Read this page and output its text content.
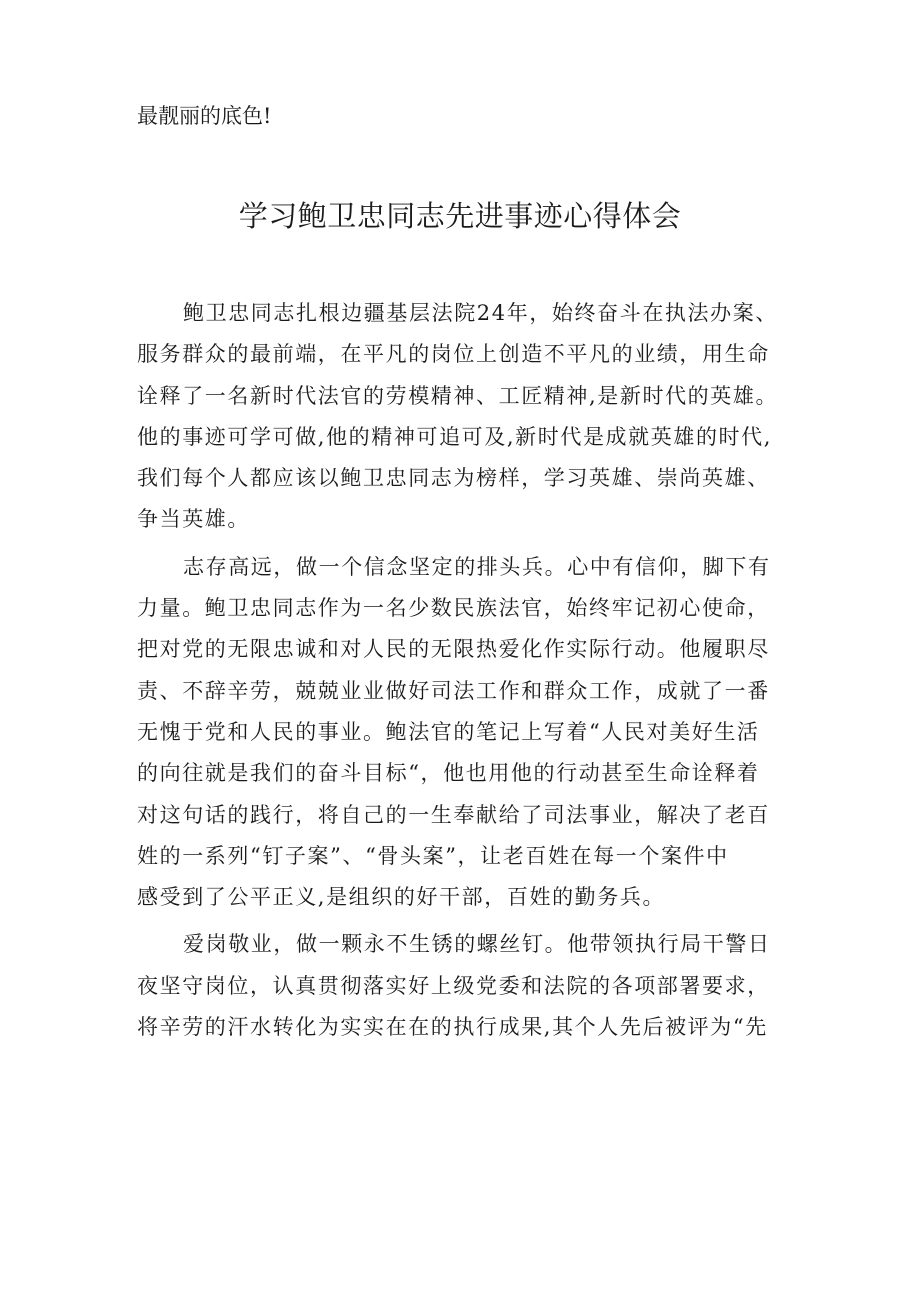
最靓丽的底色!
学习鲍卫忠同志先进事迹心得体会
鲍卫忠同志扎根边疆基层法院24年，始终奋斗在执法办案、
服务群众的最前端，在平凡的岗位上创造不平凡的业绩，用生命
诠释了一名新时代法官的劳模精神、工匠精神,是新时代的英雄。
他的事迹可学可做,他的精神可追可及,新时代是成就英雄的时代,
我们每个人都应该以鲍卫忠同志为榜样，学习英雄、崇尚英雄、
争当英雄。
志存高远，做一个信念坚定的排头兵。心中有信仰，脚下有
力量。鲍卫忠同志作为一名少数民族法官，始终牢记初心使命，
把对党的无限忠诚和对人民的无限热爱化作实际行动。他履职尽
责、不辞辛劳，兢兢业业做好司法工作和群众工作，成就了一番
无愧于党和人民的事业。鲍法官的笔记上写着“人民对美好生活
的向往就是我们的奋斗目标“，他也用他的行动甚至生命诠释着
对这句话的践行，将自己的一生奉献给了司法事业，解决了老百
姓的一系列“钉子案”、“骨头案”，让老百姓在每一个案件中
感受到了公平正义,是组织的好干部，百姓的勤务兵。
爱岗敬业，做一颗永不生锈的螺丝钉。他带领执行局干警日
夜坚守岗位，认真贯彻落实好上级党委和法院的各项部署要求，
将辛劳的汗水转化为实实在在的执行成果,其个人先后被评为“先
